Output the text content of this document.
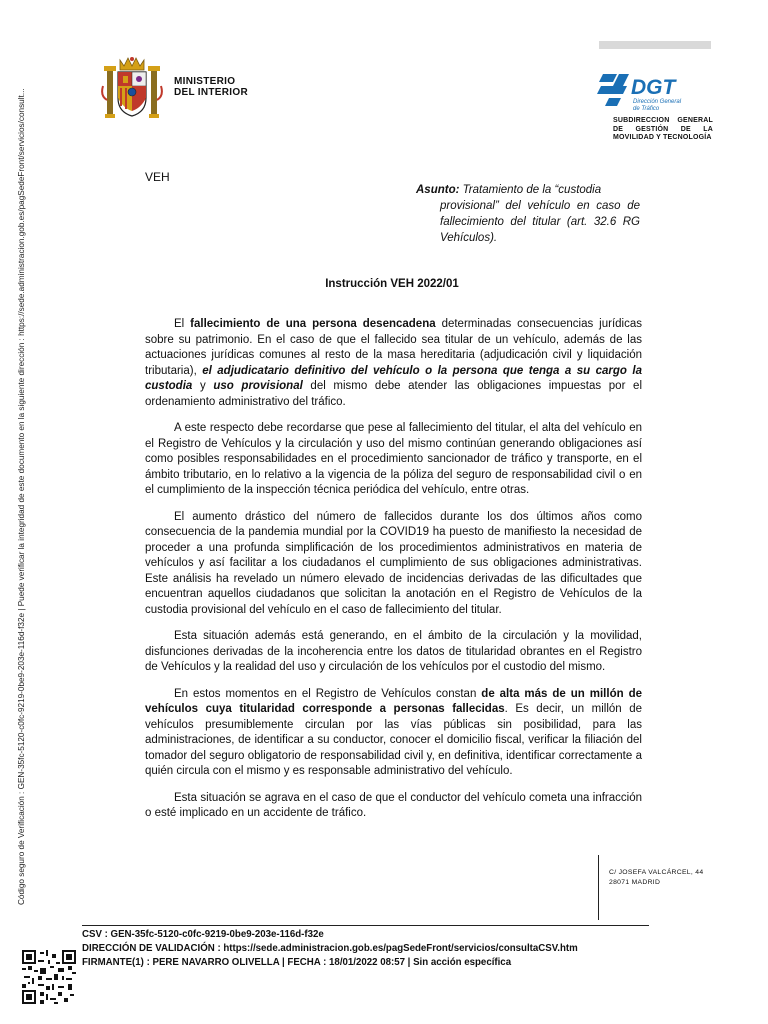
Código seguro de Verificación : GEN-35fc-5120-c0fc-9219-0be9-203e-116d-f32e | Puede verificar la integridad de este documento en la siguiente dirección : https://sede.administracion.gob.es/pagSedeFront/servicios/consult...
MINISTERIO
DEL INTERIOR	DGT
Dirección General
de Tráfico
SUBDIRECCION GENERAL DE GESTIÓN DE LA MOVILIDAD Y TECNOLOGÍA
VEH
Asunto: Tratamiento de la “custodia
provisional” del vehículo en caso de fallecimiento del titular (art. 32.6 RG Vehículos).
Instrucción VEH 2022/01

El fallecimiento de una persona desencadena determinadas consecuencias jurídicas sobre su patrimonio. En el caso de que el fallecido sea titular de un vehículo, además de las actuaciones jurídicas comunes al resto de la masa hereditaria (adjudicación civil y liquidación tributaria), el adjudicatario definitivo del vehículo o la persona que tenga a su cargo la custodia y uso provisional del mismo debe atender las obligaciones impuestas por el ordenamiento administrativo del tráfico.

A este respecto debe recordarse que pese al fallecimiento del titular, el alta del vehículo en el Registro de Vehículos y la circulación y uso del mismo continúan generando obligaciones así como posibles responsabilidades en el procedimiento sancionador de tráfico y transporte, en el ámbito tributario, en lo relativo a la vigencia de la póliza del seguro de responsabilidad civil o en el cumplimiento de la inspección técnica periódica del vehículo, entre otras.

El aumento drástico del número de fallecidos durante los dos últimos años como consecuencia de la pandemia mundial por la COVID19 ha puesto de manifiesto la necesidad de proceder a una profunda simplificación de los procedimientos administrativos en materia de vehículos y así facilitar a los ciudadanos el cumplimiento de sus obligaciones administrativas. Este análisis ha revelado un número elevado de incidencias derivadas de las dificultades que encuentran aquellos ciudadanos que solicitan la anotación en el Registro de Vehículos de la custodia provisional del vehículo en el caso de fallecimiento del titular.

Esta situación además está generando, en el ámbito de la circulación y la movilidad, disfunciones derivadas de la incoherencia entre los datos de titularidad obrantes en el Registro de Vehículos y la realidad del uso y circulación de los vehículos por el custodio del mismo.

En estos momentos en el Registro de Vehículos constan de alta más de un millón de vehículos cuya titularidad corresponde a personas fallecidas. Es decir, un millón de vehículos presumiblemente circulan por las vías públicas sin posibilidad, para las administraciones, de identificar a su conductor, conocer el domicilio fiscal, verificar la filiación del tomador del seguro obligatorio de responsabilidad civil y, en definitiva, identificar correctamente a quién circula con el mismo y es responsable administrativo del vehículo.

Esta situación se agrava en el caso de que el conductor del vehículo cometa una infracción o esté implicado en un accidente de tráfico.

C/ JOSEFA VALCÁRCEL, 44
28071 MADRID
CSV : GEN-35fc-5120-c0fc-9219-0be9-203e-116d-f32e
DIRECCIÓN DE VALIDACIÓN : https://sede.administracion.gob.es/pagSedeFront/servicios/consultaCSV.htm
FIRMANTE(1) : PERE NAVARRO OLIVELLA | FECHA : 18/01/2022 08:57 | Sin acción específica
